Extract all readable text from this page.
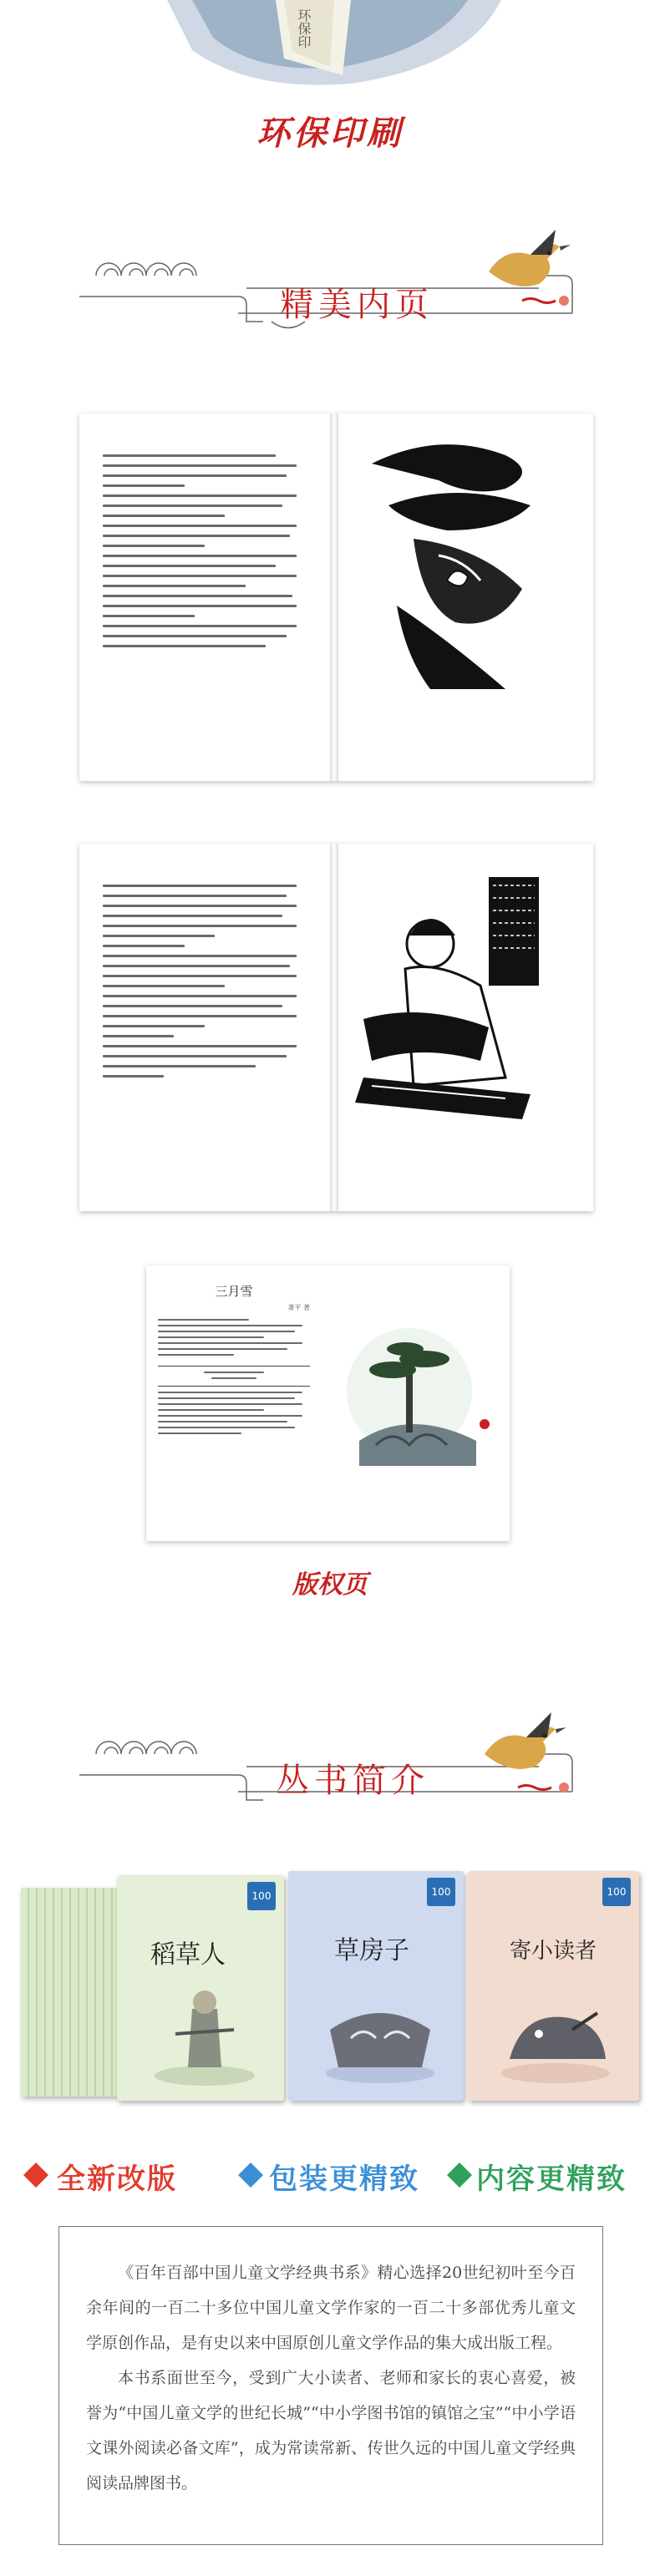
环保印
环保印刷
精美内页
三月雪
萧平 著
版权页
丛书简介
100
稻草人
100
草房子
100
寄小读者
全新改版	包装更精致 内容更精致

《百年百部中国儿童文学经典书系》精心选择20世纪初叶至今百余年间的一百二十多位中国儿童文学作家的一百二十多部优秀儿童文学原创作品，是有史以来中国原创儿童文学作品的集大成出版工程。

本书系面世至今，受到广大小读者、老师和家长的衷心喜爱，被誉为“中国儿童文学的世纪长城”“中小学图书馆的镇馆之宝”“中小学语文课外阅读必备文库”，成为常读常新、传世久远的中国儿童文学经典阅读品牌图书。
